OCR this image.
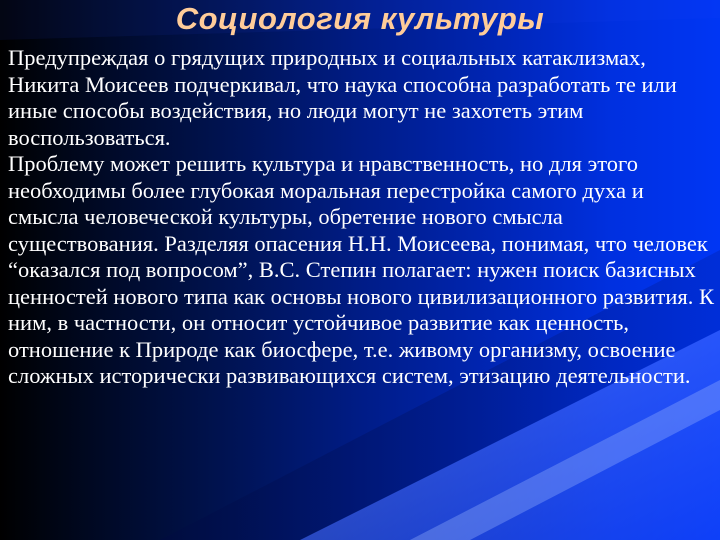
Социология культуры

Предупреждая о грядущих природных и социальных катаклизмах, Никита Моисеев подчеркивал, что наука способна разработать те или иные способы воздействия, но люди могут не захотеть этим воспользоваться.

Проблему может решить культура и нравственность, но для этого необходимы более глубокая моральная перестройка самого духа и смысла человеческой культуры, обретение нового смысла существования. Разделяя опасения Н.Н. Моисеева, понимая, что человек “оказался под вопросом”, В.С. Степин полагает: нужен поиск базисных ценностей нового типа как основы нового цивилизационного развития. К ним, в частности, он относит устойчивое развитие как ценность, отношение к Природе как биосфере, т.е. живому организму, освоение сложных исторически развивающихся систем, этизацию деятельности.
